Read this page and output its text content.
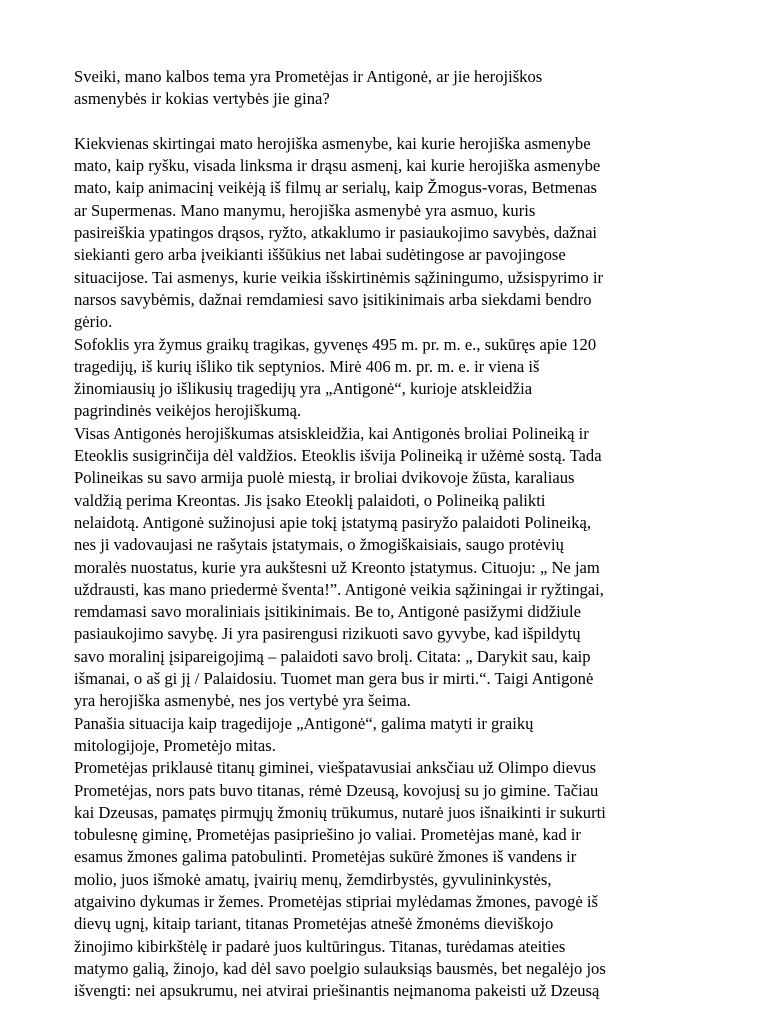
Sveiki, mano kalbos tema yra Prometėjas ir Antigonė, ar jie herojiškos
asmenybės ir kokias vertybės jie gina?

Kiekvienas skirtingai mato herojiška asmenybe, kai kurie herojiška asmenybe
mato, kaip ryšku, visada linksma ir drąsu asmenį, kai kurie herojiška asmenybe
mato, kaip animacinį veikėją iš filmų ar serialų, kaip Žmogus-voras, Betmenas
ar Supermenas. Mano manymu, herojiška asmenybė yra asmuo, kuris
pasireiškia ypatingos drąsos, ryžto, atkaklumo ir pasiaukojimo savybės, dažnai
siekianti gero arba įveikianti iššūkius net labai sudėtingose ar pavojingose
situacijose. Tai asmenys, kurie veikia išskirtinėmis sąžiningumo, užsispyrimo ir
narsos savybėmis, dažnai remdamiesi savo įsitikinimais arba siekdami bendro
gėrio.

Sofoklis yra žymus graikų tragikas, gyvenęs 495 m. pr. m. e., sukūręs apie 120
tragedijų, iš kurių išliko tik septynios. Mirė 406 m. pr. m. e. ir viena iš
žinomiausių jo išlikusių tragedijų yra „Antigonė“, kurioje atskleidžia
pagrindinės veikėjos herojiškumą.

Visas Antigonės herojiškumas atsiskleidžia, kai Antigonės broliai Polineiką ir
Eteoklis susigrinčija dėl valdžios. Eteoklis išvija Polineiką ir užėmė sostą. Tada
Polineikas su savo armija puolė miestą, ir broliai dvikovoje žūsta, karaliaus
valdžią perima Kreontas. Jis įsako Eteoklį palaidoti, o Polineiką palikti
nelaidotą. Antigonė sužinojusi apie tokį įstatymą pasiryžo palaidoti Polineiką,
nes ji vadovaujasi ne rašytais įstatymais, o žmogiškaisiais, saugo protėvių
moralės nuostatus, kurie yra aukštesni už Kreonto įstatymus. Cituoju: „ Ne jam
uždrausti, kas mano priedermė šventa!”. Antigonė veikia sąžiningai ir ryžtingai,
remdamasi savo moraliniais įsitikinimais. Be to, Antigonė pasižymi didžiule
pasiaukojimo savybę. Ji yra pasirengusi rizikuoti savo gyvybe, kad išpildytų
savo moralinį įsipareigojimą – palaidoti savo brolį. Citata: „ Darykit sau, kaip
išmanai, o aš gi jį / Palaidosiu. Tuomet man gera bus ir mirti.“. Taigi Antigonė
yra herojiška asmenybė, nes jos vertybė yra šeima.

Panašia situacija kaip tragedijoje „Antigonė“, galima matyti ir graikų
mitologijoje, Prometėjo mitas.

Prometėjas priklausė titanų giminei, viešpatavusiai anksčiau už Olimpo dievus
Prometėjas, nors pats buvo titanas, rėmė Dzeusą, kovojusį su jo gimine. Tačiau
kai Dzeusas, pamatęs pirmųjų žmonių trūkumus, nutarė juos išnaikinti ir sukurti
tobulesnę giminę, Prometėjas pasipriešino jo valiai. Prometėjas manė, kad ir
esamus žmones galima patobulinti. Prometėjas sukūrė žmones iš vandens ir
molio, juos išmokė amatų, įvairių menų, žemdirbystės, gyvulininkystės,
atgaivino dykumas ir žemes. Prometėjas stipriai mylėdamas žmones, pavogė iš
dievų ugnį, kitaip tariant, titanas Prometėjas atnešė žmonėms dieviškojo
žinojimo kibirkštėlę ir padarė juos kultūringus. Titanas, turėdamas ateities
matymo galią, žinojo, kad dėl savo poelgio sulauksiąs bausmės, bet negalėjo jos
išvengti: nei apsukrumu, nei atvirai priešinantis neįmanoma pakeisti už Dzeusą
